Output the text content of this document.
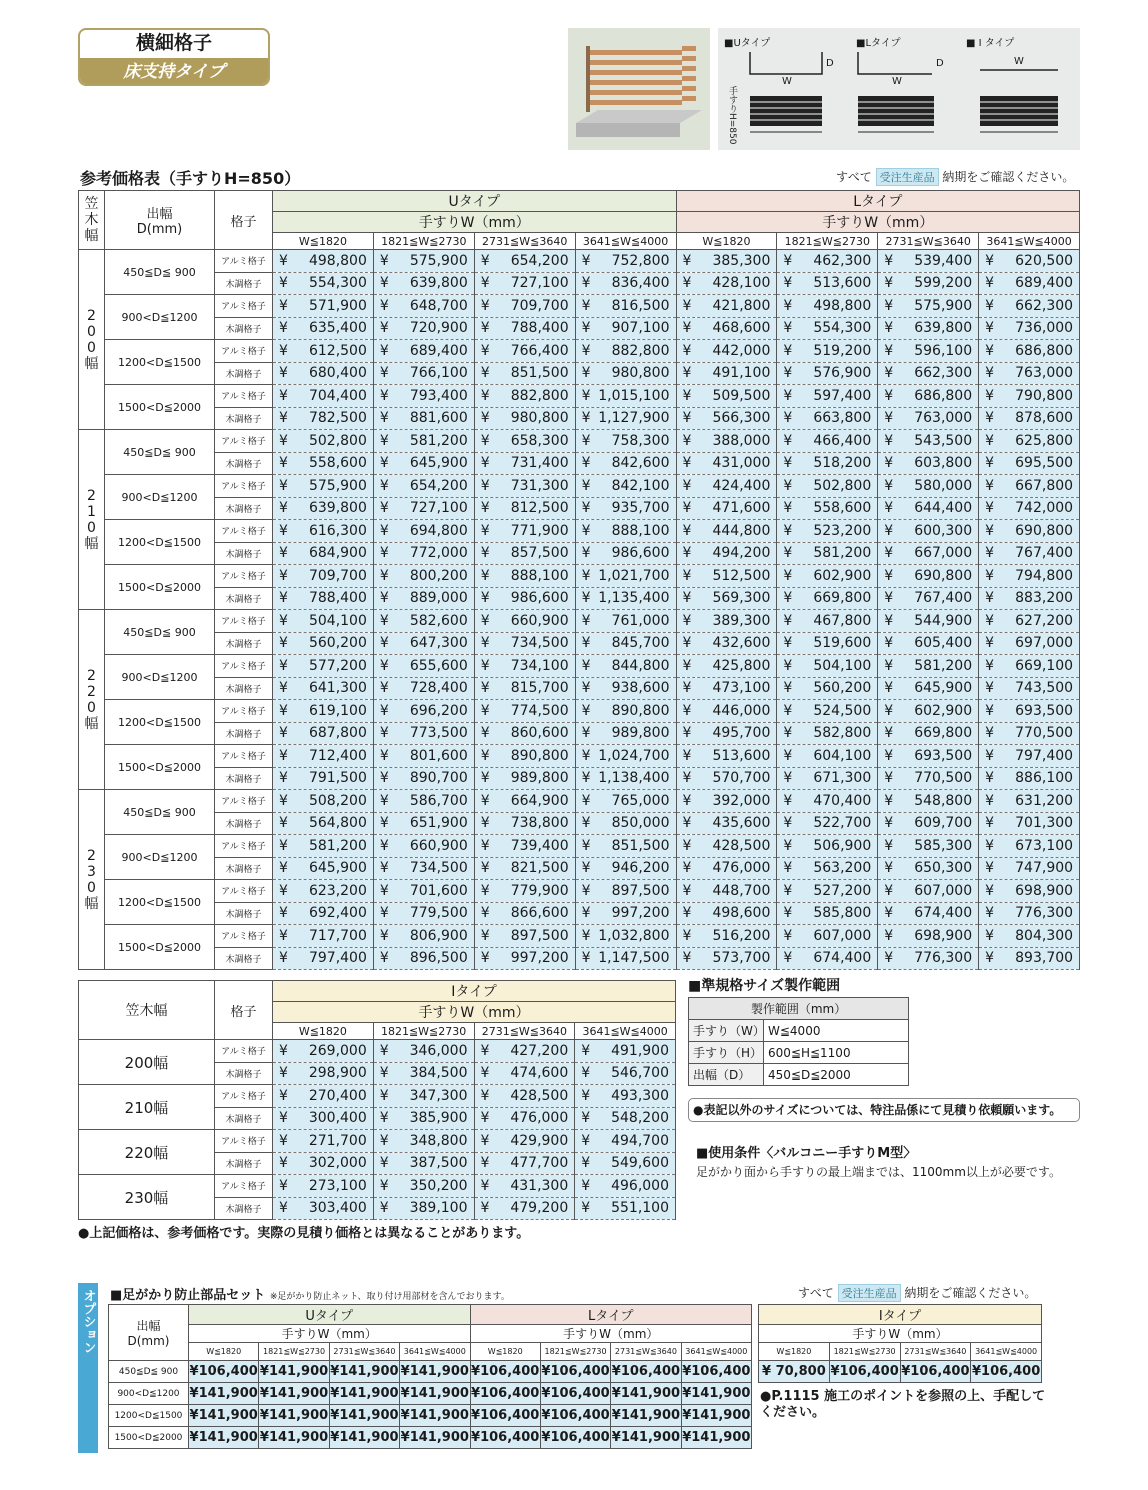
横細格子
床支持タイプ
■Uタイプ	■Lタイプ	■ I タイプ
W
D
W
D	W
手すりH=850
参考価格表（手すりH=850）	すべて 受注生産品 納期をご確認ください。
笠
木
幅	出幅
D(mm)	格子	Uタイプ				Lタイプ			
			手すりW（mm）				手すりW（mm）			
			W≦1820	1821≦W≦2730	2731≦W≦3640	3641≦W≦4000	W≦1820	1821≦W≦2730	2731≦W≦3640	3641≦W≦4000
2
0
0
幅	450≦D≦ 900	アルミ格子	¥ 498,800	¥ 575,900	¥ 654,200	¥ 752,800	¥ 385,300	¥ 462,300	¥ 539,400	¥ 620,500
		木調格子	¥ 554,300	¥ 639,800	¥ 727,100	¥ 836,400	¥ 428,100	¥ 513,600	¥ 599,200	¥ 689,400
	900<D≦1200	アルミ格子	¥ 571,900	¥ 648,700	¥ 709,700	¥ 816,500	¥ 421,800	¥ 498,800	¥ 575,900	¥ 662,300
		木調格子	¥ 635,400	¥ 720,900	¥ 788,400	¥ 907,100	¥ 468,600	¥ 554,300	¥ 639,800	¥ 736,000
	1200<D≦1500	アルミ格子	¥ 612,500	¥ 689,400	¥ 766,400	¥ 882,800	¥ 442,000	¥ 519,200	¥ 596,100	¥ 686,800
		木調格子	¥ 680,400	¥ 766,100	¥ 851,500	¥ 980,800	¥ 491,100	¥ 576,900	¥ 662,300	¥ 763,000
	1500<D≦2000	アルミ格子	¥ 704,400	¥ 793,400	¥ 882,800	¥ 1,015,100	¥ 509,500	¥ 597,400	¥ 686,800	¥ 790,800
		木調格子	¥ 782,500	¥ 881,600	¥ 980,800	¥ 1,127,900	¥ 566,300	¥ 663,800	¥ 763,000	¥ 878,600
2
1
0
幅	450≦D≦ 900	アルミ格子	¥ 502,800	¥ 581,200	¥ 658,300	¥ 758,300	¥ 388,000	¥ 466,400	¥ 543,500	¥ 625,800
		木調格子	¥ 558,600	¥ 645,900	¥ 731,400	¥ 842,600	¥ 431,000	¥ 518,200	¥ 603,800	¥ 695,500
	900<D≦1200	アルミ格子	¥ 575,900	¥ 654,200	¥ 731,300	¥ 842,100	¥ 424,400	¥ 502,800	¥ 580,000	¥ 667,800
		木調格子	¥ 639,800	¥ 727,100	¥ 812,500	¥ 935,700	¥ 471,600	¥ 558,600	¥ 644,400	¥ 742,000
	1200<D≦1500	アルミ格子	¥ 616,300	¥ 694,800	¥ 771,900	¥ 888,100	¥ 444,800	¥ 523,200	¥ 600,300	¥ 690,800
		木調格子	¥ 684,900	¥ 772,000	¥ 857,500	¥ 986,600	¥ 494,200	¥ 581,200	¥ 667,000	¥ 767,400
	1500<D≦2000	アルミ格子	¥ 709,700	¥ 800,200	¥ 888,100	¥ 1,021,700	¥ 512,500	¥ 602,900	¥ 690,800	¥ 794,800
		木調格子	¥ 788,400	¥ 889,000	¥ 986,600	¥ 1,135,400	¥ 569,300	¥ 669,800	¥ 767,400	¥ 883,200
2
2
0
幅	450≦D≦ 900	アルミ格子	¥ 504,100	¥ 582,600	¥ 660,900	¥ 761,000	¥ 389,300	¥ 467,800	¥ 544,900	¥ 627,200
		木調格子	¥ 560,200	¥ 647,300	¥ 734,500	¥ 845,700	¥ 432,600	¥ 519,600	¥ 605,400	¥ 697,000
	900<D≦1200	アルミ格子	¥ 577,200	¥ 655,600	¥ 734,100	¥ 844,800	¥ 425,800	¥ 504,100	¥ 581,200	¥ 669,100
		木調格子	¥ 641,300	¥ 728,400	¥ 815,700	¥ 938,600	¥ 473,100	¥ 560,200	¥ 645,900	¥ 743,500
	1200<D≦1500	アルミ格子	¥ 619,100	¥ 696,200	¥ 774,500	¥ 890,800	¥ 446,000	¥ 524,500	¥ 602,900	¥ 693,500
		木調格子	¥ 687,800	¥ 773,500	¥ 860,600	¥ 989,800	¥ 495,700	¥ 582,800	¥ 669,800	¥ 770,500
	1500<D≦2000	アルミ格子	¥ 712,400	¥ 801,600	¥ 890,800	¥ 1,024,700	¥ 513,600	¥ 604,100	¥ 693,500	¥ 797,400
		木調格子	¥ 791,500	¥ 890,700	¥ 989,800	¥ 1,138,400	¥ 570,700	¥ 671,300	¥ 770,500	¥ 886,100
2
3
0
幅	450≦D≦ 900	アルミ格子	¥ 508,200	¥ 586,700	¥ 664,900	¥ 765,000	¥ 392,000	¥ 470,400	¥ 548,800	¥ 631,200
		木調格子	¥ 564,800	¥ 651,900	¥ 738,800	¥ 850,000	¥ 435,600	¥ 522,700	¥ 609,700	¥ 701,300
	900<D≦1200	アルミ格子	¥ 581,200	¥ 660,900	¥ 739,400	¥ 851,500	¥ 428,500	¥ 506,900	¥ 585,300	¥ 673,100
		木調格子	¥ 645,900	¥ 734,500	¥ 821,500	¥ 946,200	¥ 476,000	¥ 563,200	¥ 650,300	¥ 747,900
	1200<D≦1500	アルミ格子	¥ 623,200	¥ 701,600	¥ 779,900	¥ 897,500	¥ 448,700	¥ 527,200	¥ 607,000	¥ 698,900
		木調格子	¥ 692,400	¥ 779,500	¥ 866,600	¥ 997,200	¥ 498,600	¥ 585,800	¥ 674,400	¥ 776,300
	1500<D≦2000	アルミ格子	¥ 717,700	¥ 806,900	¥ 897,500	¥ 1,032,800	¥ 516,200	¥ 607,000	¥ 698,900	¥ 804,300
		木調格子	¥ 797,400	¥ 896,500	¥ 997,200	¥ 1,147,500	¥ 573,700	¥ 674,400	¥ 776,300	¥ 893,700
笠木幅	格子	Iタイプ			
		手すりW（mm）			
		W≦1820	1821≦W≦2730	2731≦W≦3640	3641≦W≦4000
200幅	アルミ格子	¥ 269,000	¥ 346,000	¥ 427,200	¥ 491,900
	木調格子	¥ 298,900	¥ 384,500	¥ 474,600	¥ 546,700
210幅	アルミ格子	¥ 270,400	¥ 347,300	¥ 428,500	¥ 493,300
	木調格子	¥ 300,400	¥ 385,900	¥ 476,000	¥ 548,200
220幅	アルミ格子	¥ 271,700	¥ 348,800	¥ 429,900	¥ 494,700
	木調格子	¥ 302,000	¥ 387,500	¥ 477,700	¥ 549,600
230幅	アルミ格子	¥ 273,100	¥ 350,200	¥ 431,300	¥ 496,000
	木調格子	¥ 303,400	¥ 389,100	¥ 479,200	¥ 551,100
●上記価格は、参考価格です。実際の見積り価格とは異なることがあります。
■準規格サイズ製作範囲
製作範囲（mm）	
手すり（W）	W≦4000
手すり（H）	600≦H≦1100
出幅（D）	450≦D≦2000
●表記以外のサイズについては、特注品係にて見積り依頼願います。
■使用条件〈バルコニー手すりM型〉
足がかり面から手すりの最上端までは、1100mm以上が必要です。
オプション ■足がかり防止部品セット ※足がかり防止ネット、取り付け用部材を含んでおります。	すべて 受注生産品 納期をご確認ください。
出幅
D(mm)	Uタイプ				Lタイプ			
	手すりW（mm）				手すりW（mm）			
	W≦1820	1821≦W≦2730	2731≦W≦3640	3641≦W≦4000	W≦1820	1821≦W≦2730	2731≦W≦3640	3641≦W≦4000
450≦D≦ 900	¥106,400	¥141,900	¥141,900	¥141,900	¥106,400	¥106,400	¥106,400	¥106,400
900<D≦1200	¥141,900	¥141,900	¥141,900	¥141,900	¥106,400	¥106,400	¥141,900	¥141,900
1200<D≦1500	¥141,900	¥141,900	¥141,900	¥141,900	¥106,400	¥106,400	¥141,900	¥141,900
1500<D≦2000	¥141,900	¥141,900	¥141,900	¥141,900	¥106,400	¥106,400	¥141,900	¥141,900
Iタイプ			
手すりW（mm）			
W≦1820	1821≦W≦2730	2731≦W≦3640	3641≦W≦4000
¥ 70,800	¥106,400	¥106,400	¥106,400
●P.1115 施工のポイントを参照の上、手配してください。
